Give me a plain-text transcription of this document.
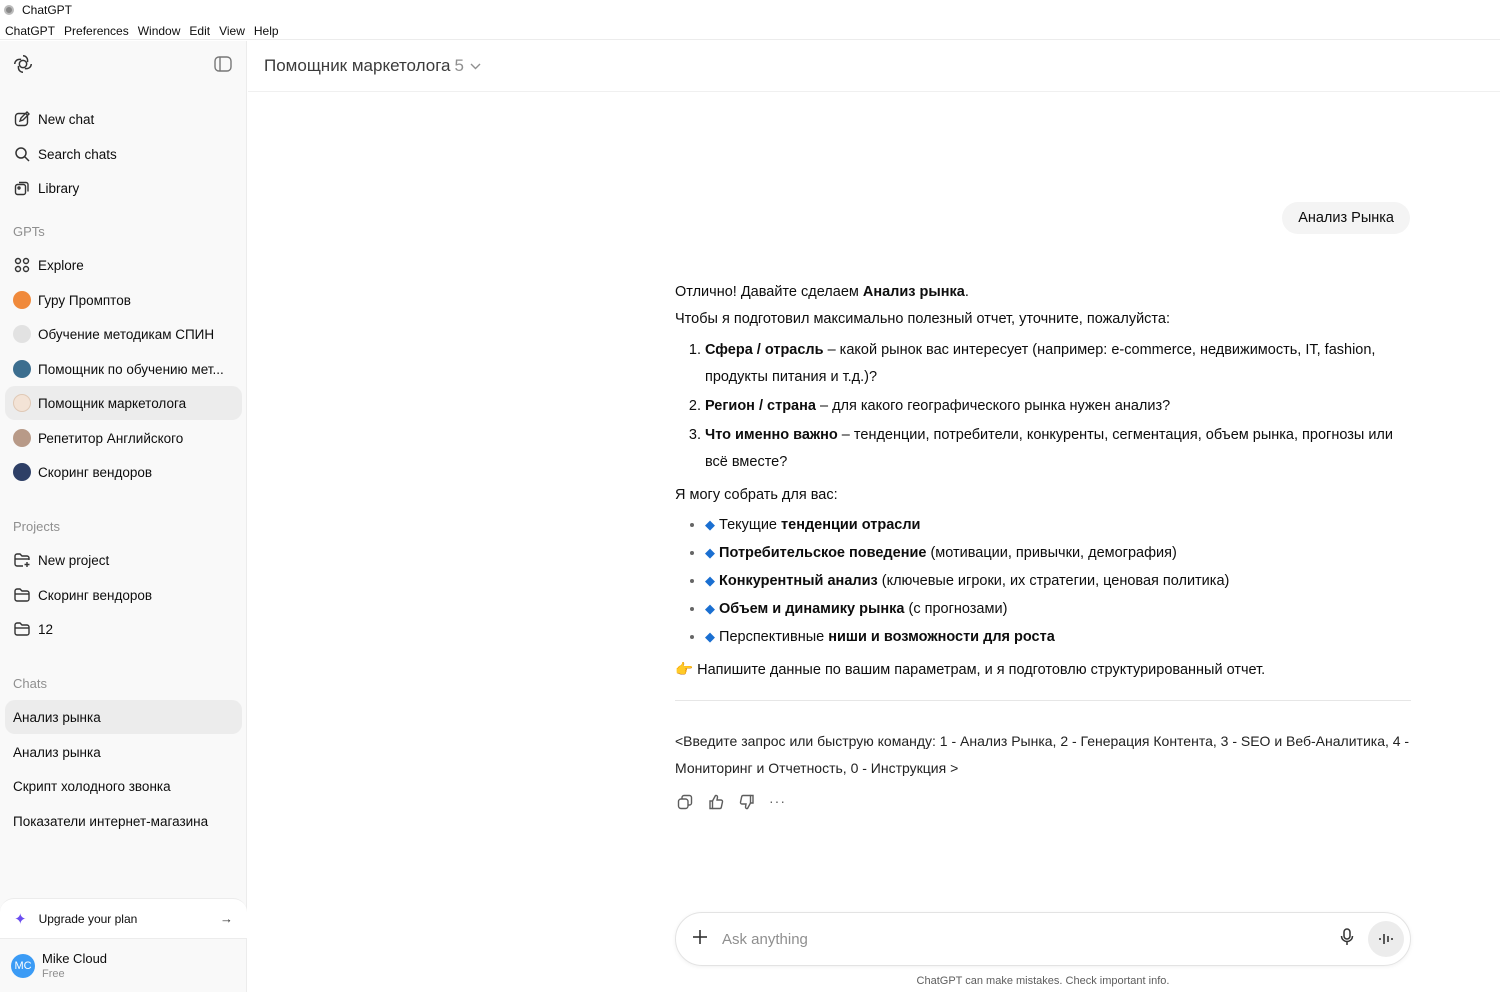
ChatGPT
ChatGPT Preferences Window Edit View Help
New chat
Search chats
Library
GPTs
Explore
Гуру Промптов
Обучение методикам СПИН
Помощник по обучению мет...
Помощник маркетолога
Репетитор Английского
Скоринг вендоров
Projects
New project
Скоринг вендоров
12
Chats
Анализ рынка
Анализ рынка
Скрипт холодного звонка
Показатели интернет-магазина
✦ Upgrade your plan	→
MC Mike Cloud
Free
Помощник маркетолога 5
Анализ Рынка

Отлично! Давайте сделаем Анализ рынка.

Чтобы я подготовил максимально полезный отчет, уточните, пожалуйста:

1. Сфера / отрасль – какой рынок вас интересует (например: e-commerce, недвижимость, IT, fashion, продукты питания и т.д.)?
2. Регион / страна – для какого географического рынка нужен анализ?
3. Что именно важно – тенденции, потребители, конкуренты, сегментация, объем рынка, прогнозы или всё вместе?

Я могу собрать для вас:

• ◆ Текущие тенденции отрасли
• ◆ Потребительское поведение (мотивации, привычки, демография)
• ◆ Конкурентный анализ (ключевые игроки, их стратегии, ценовая политика)
• ◆ Объем и динамику рынка (с прогнозами)
• ◆ Перспективные ниши и возможности для роста

👉 Напишите данные по вашим параметрам, и я подготовлю структурированный отчет.

<Введите запрос или быструю команду: 1 - Анализ Рынка, 2 - Генерация Контента, 3 - SEO и Веб-Аналитика, 4 - Мониторинг и Отчетность, 0 - Инструкция >

···
Ask anything
ChatGPT can make mistakes. Check important info.
